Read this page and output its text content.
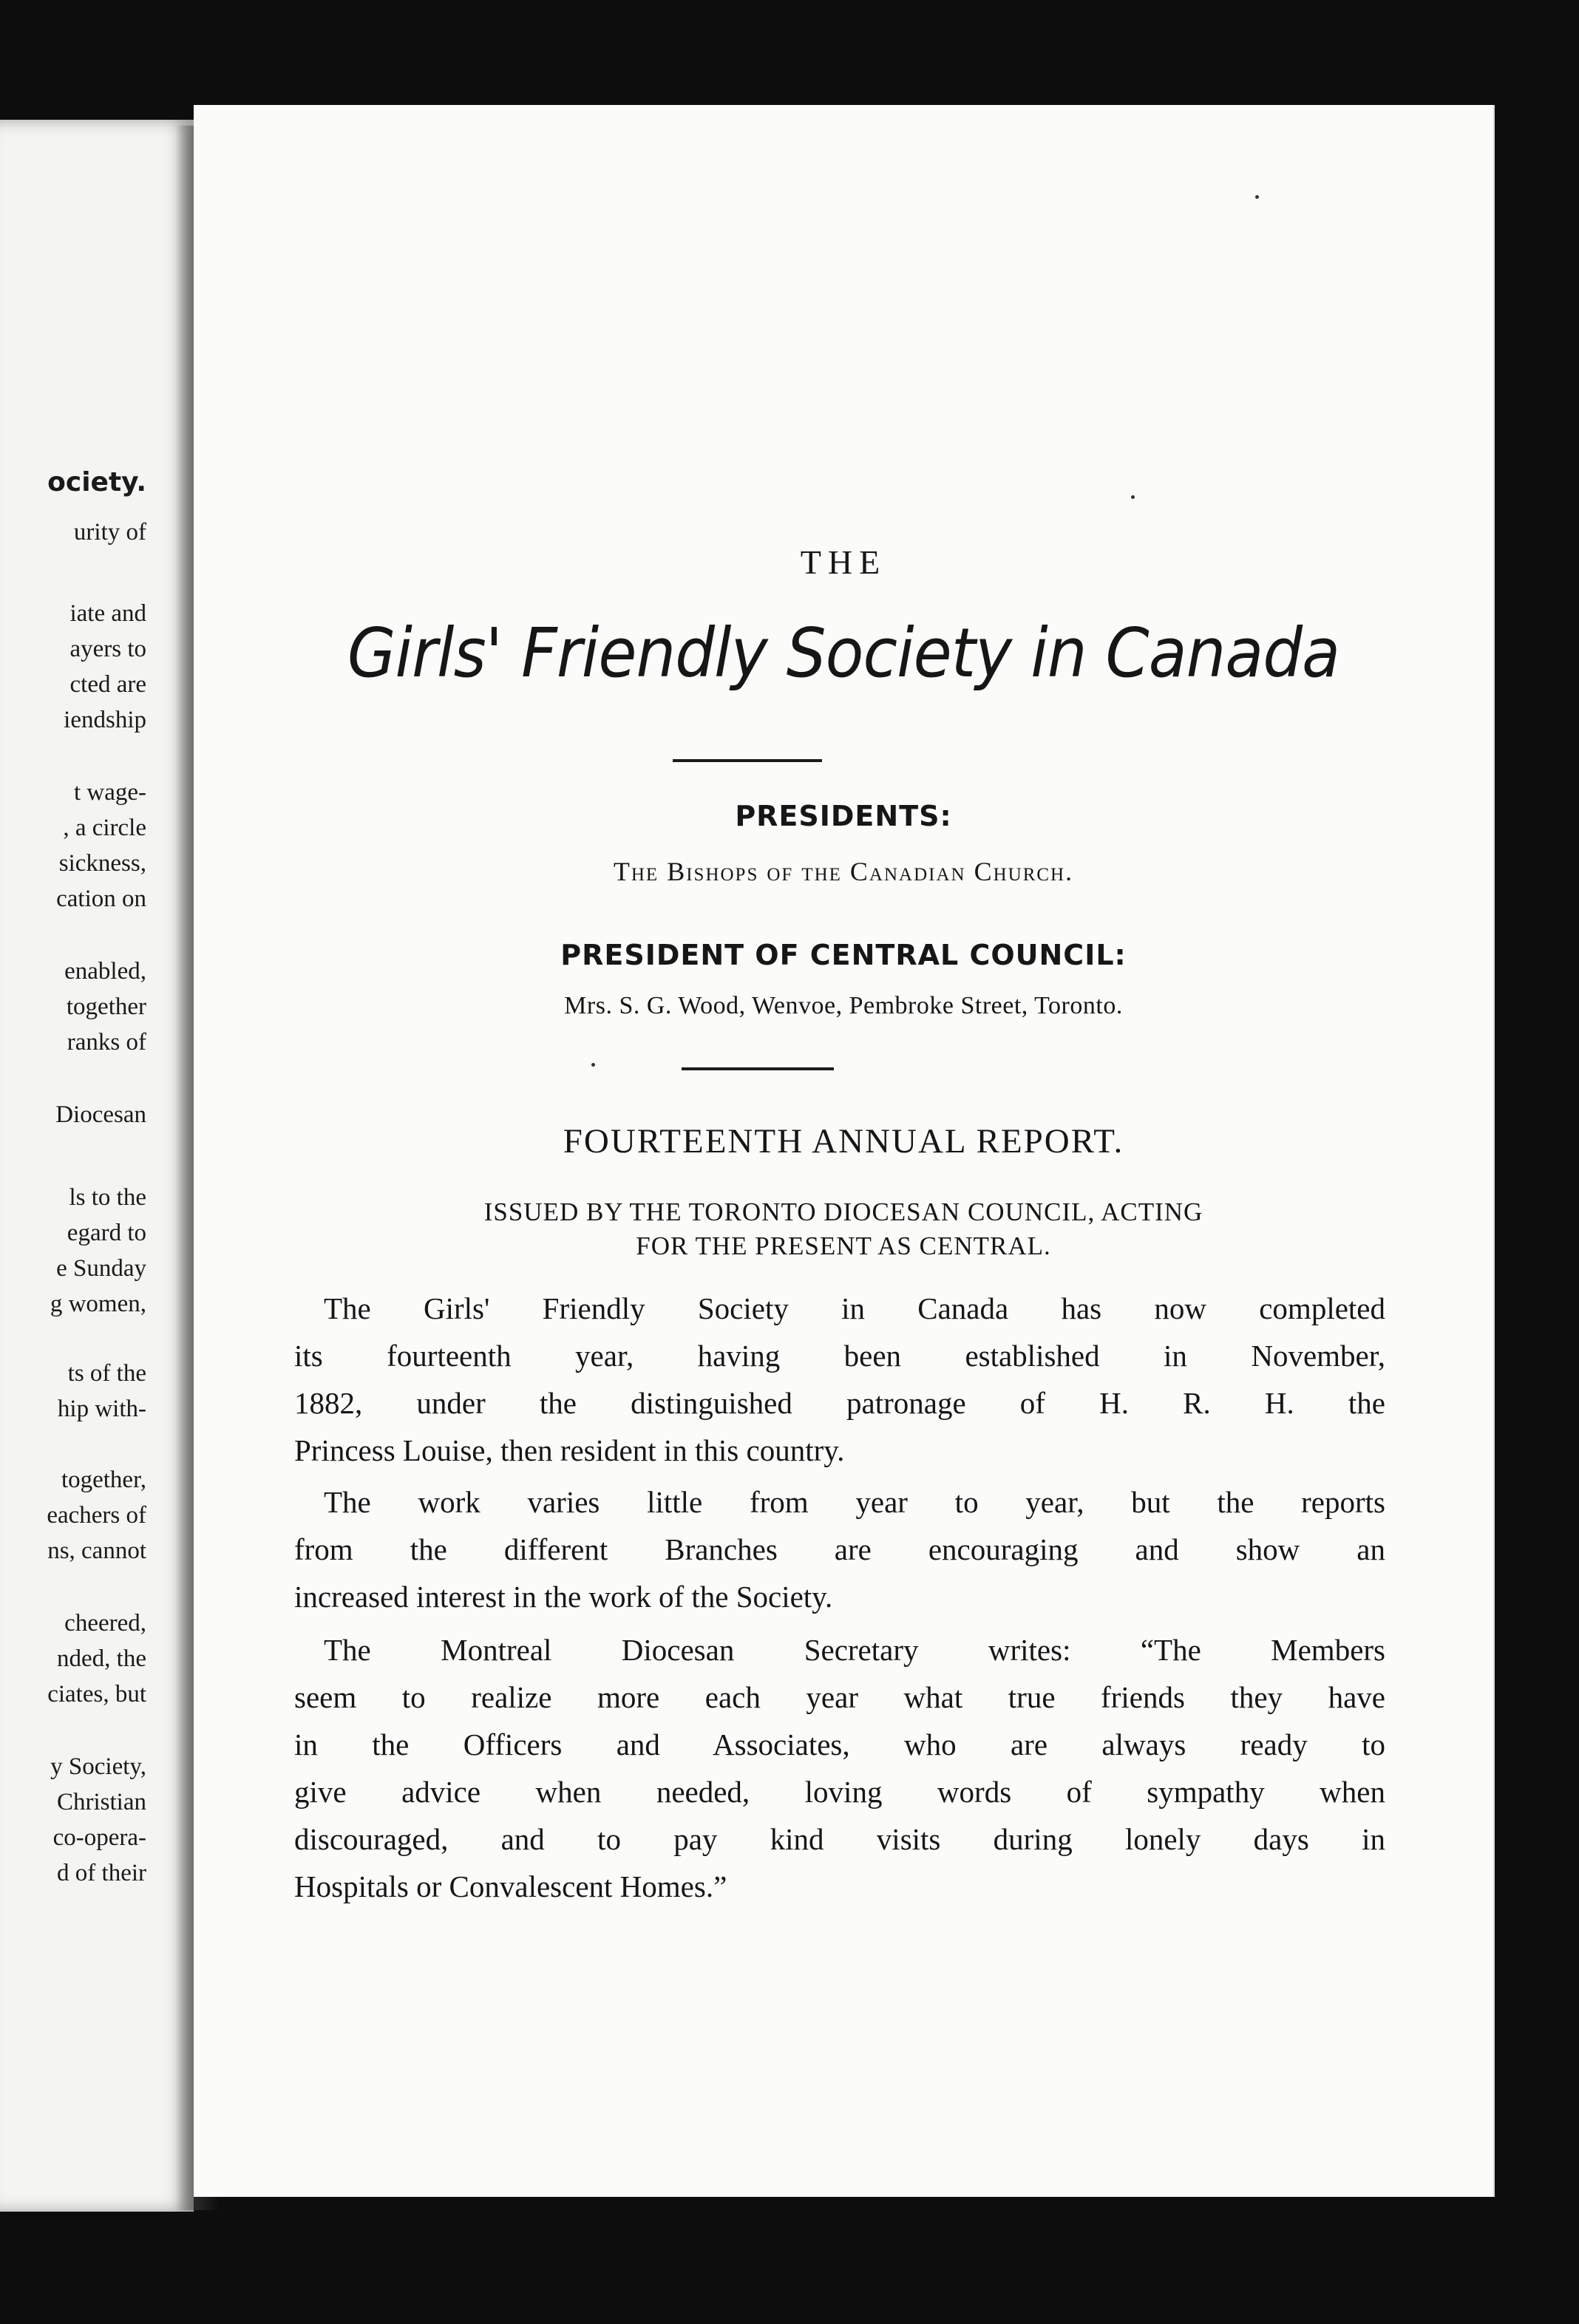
ociety.
urity of
iate and
ayers to
cted are
iendship
t wage-
, a circle
sickness,
cation on
enabled,
together
ranks of
Diocesan
ls to the
egard to
e Sunday
g women,
ts of the
hip with-
together,
eachers of
ns, cannot
cheered,
nded, the
ciates, but
y Society,
Christian
co-opera-
d of their
THE
Girls' Friendly Society in Canada
PRESIDENTS:
The Bishops of the Canadian Church.
PRESIDENT OF CENTRAL COUNCIL:
Mrs. S. G. Wood, Wenvoe, Pembroke Street, Toronto.
FOURTEENTH ANNUAL REPORT.
ISSUED BY THE TORONTO DIOCESAN COUNCIL, ACTING
FOR THE PRESENT AS CENTRAL.
The Girls' Friendly Society in Canada has now completed
its fourteenth year, having been established in November,
1882, under the distinguished patronage of H. R. H. the
Princess Louise, then resident in this country.
The work varies little from year to year, but the reports
from the different Branches are encouraging and show an
increased interest in the work of the Society.
The Montreal Diocesan Secretary writes: “The Members
seem to realize more each year what true friends they have
in the Officers and Associates, who are always ready to
give advice when needed, loving words of sympathy when
discouraged, and to pay kind visits during lonely days in
Hospitals or Convalescent Homes.”
